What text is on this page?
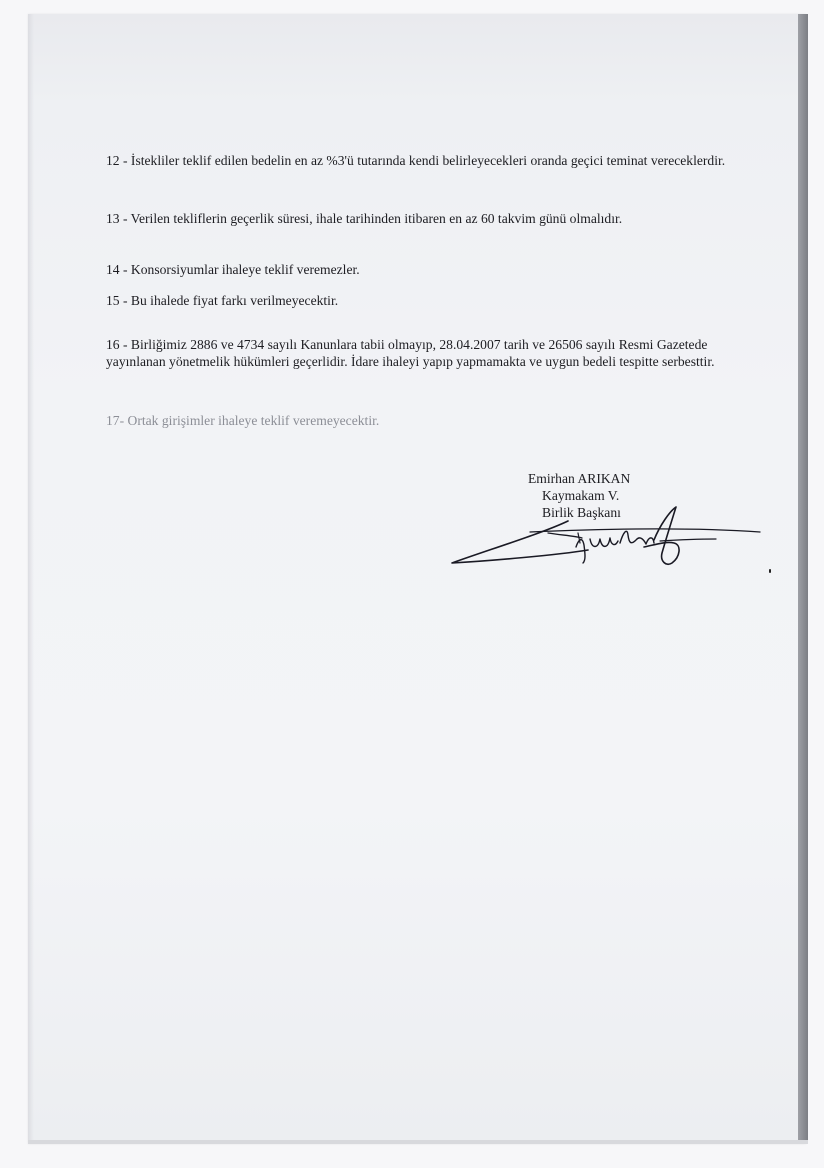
12 - İstekliler teklif edilen bedelin en az %3'ü tutarında kendi belirleyecekleri oranda geçici teminat vereceklerdir.

13 - Verilen tekliflerin geçerlik süresi, ihale tarihinden itibaren en az 60 takvim günü olmalıdır.

14 - Konsorsiyumlar ihaleye teklif veremezler.

15 - Bu ihalede fiyat farkı verilmeyecektir.

16 - Birliğimiz 2886 ve 4734 sayılı Kanunlara tabii olmayıp, 28.04.2007 tarih ve 26506 sayılı Resmi Gazetede yayınlanan yönetmelik hükümleri geçerlidir. İdare ihaleyi yapıp yapmamakta ve uygun bedeli tespitte serbesttir.

17- Ortak girişimler ihaleye teklif veremeyecektir.

Emirhan ARIKAN
Kaymakam V.
Birlik Başkanı
